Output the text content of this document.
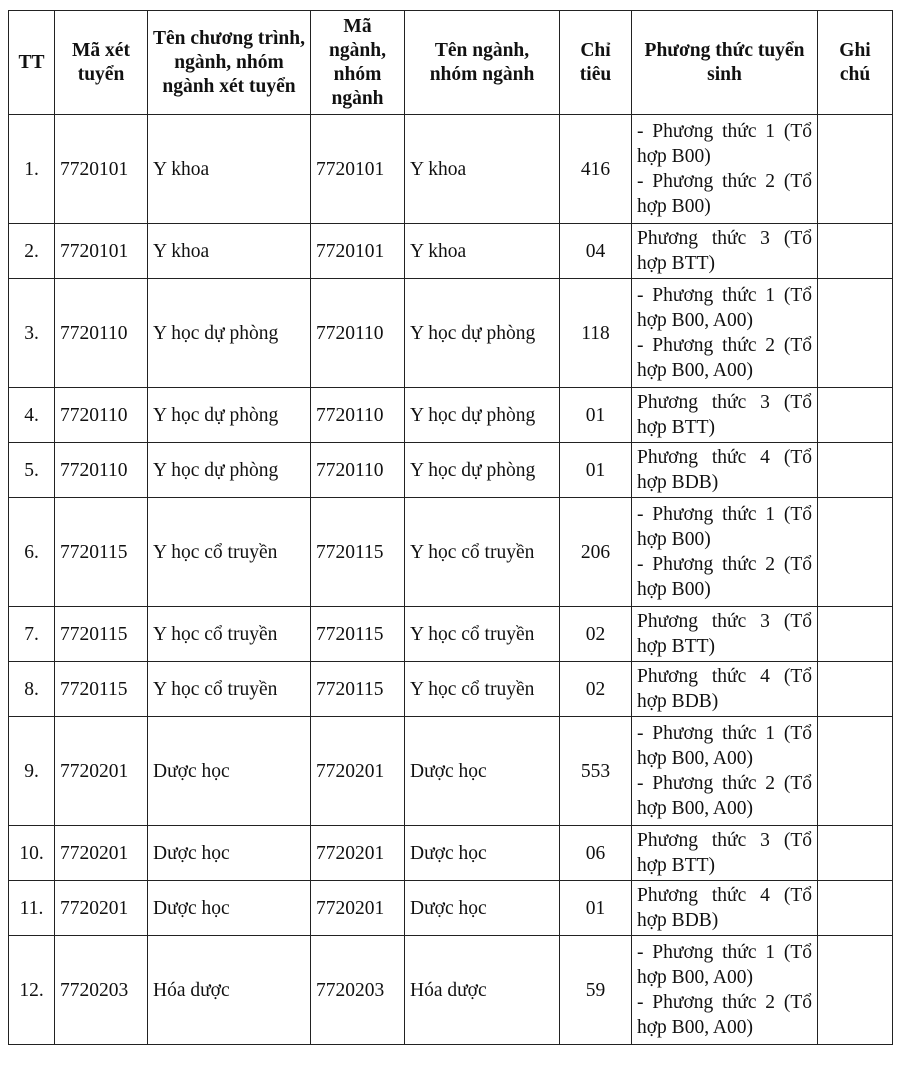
TT	Mã xét tuyển	Tên chương trình, ngành, nhóm ngành xét tuyển	Mã ngành, nhóm ngành	Tên ngành, nhóm ngành	Chỉ tiêu	Phương thức tuyển sinh	Ghi chú
1.	7720101	Y khoa	7720101	Y khoa	416	- Phương thức 1 (Tổ hợp B00)
- Phương thức 2 (Tổ hợp B00)	

2.	7720101	Y khoa	7720101	Y khoa	04	Phương thức 3 (Tổ hợp BTT)	

3.	7720110	Y học dự phòng	7720110	Y học dự phòng	118	- Phương thức 1 (Tổ hợp B00, A00)
- Phương thức 2 (Tổ hợp B00, A00)	

4.	7720110	Y học dự phòng	7720110	Y học dự phòng	01	Phương thức 3 (Tổ hợp BTT)	

5.	7720110	Y học dự phòng	7720110	Y học dự phòng	01	Phương thức 4 (Tổ hợp BDB)	

6.	7720115	Y học cổ truyền	7720115	Y học cổ truyền	206	- Phương thức 1 (Tổ hợp B00)
- Phương thức 2 (Tổ hợp B00)	

7.	7720115	Y học cổ truyền	7720115	Y học cổ truyền	02	Phương thức 3 (Tổ hợp BTT)	

8.	7720115	Y học cổ truyền	7720115	Y học cổ truyền	02	Phương thức 4 (Tổ hợp BDB)	

9.	7720201	Dược học	7720201	Dược học	553	- Phương thức 1 (Tổ hợp B00, A00)
- Phương thức 2 (Tổ hợp B00, A00)	

10.	7720201	Dược học	7720201	Dược học	06	Phương thức 3 (Tổ hợp BTT)	

11.	7720201	Dược học	7720201	Dược học	01	Phương thức 4 (Tổ hợp BDB)	

12.	7720203	Hóa dược	7720203	Hóa dược	59	- Phương thức 1 (Tổ hợp B00, A00)
- Phương thức 2 (Tổ hợp B00, A00)	
